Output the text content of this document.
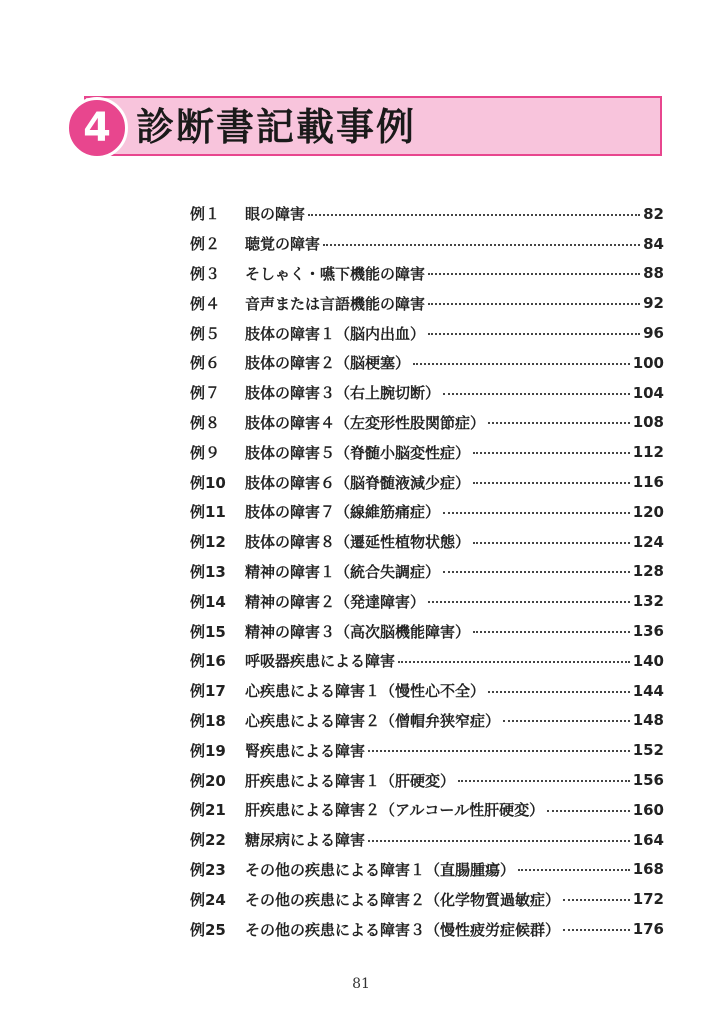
4 診断書記載事例
例１	眼の障害	82
例２	聴覚の障害	84
例３	そしゃく・嚥下機能の障害	88
例４	音声または言語機能の障害	92
例５	肢体の障害１（脳内出血）	96
例６	肢体の障害２（脳梗塞）	100
例７	肢体の障害３（右上腕切断）	104
例８	肢体の障害４（左変形性股関節症）	108
例９	肢体の障害５（脊髄小脳変性症）	112
例10	肢体の障害６（脳脊髄液減少症）	116
例11	肢体の障害７（線維筋痛症）	120
例12	肢体の障害８（遷延性植物状態）	124
例13	精神の障害１（統合失調症）	128
例14	精神の障害２（発達障害）	132
例15	精神の障害３（高次脳機能障害）	136
例16	呼吸器疾患による障害	140
例17	心疾患による障害１（慢性心不全）	144
例18	心疾患による障害２（僧帽弁狭窄症）	148
例19	腎疾患による障害	152
例20	肝疾患による障害１（肝硬変）	156
例21	肝疾患による障害２（アルコール性肝硬変）	160
例22	糖尿病による障害	164
例23	その他の疾患による障害１（直腸腫瘍）	168
例24	その他の疾患による障害２（化学物質過敏症）	172
例25	その他の疾患による障害３（慢性疲労症候群）	176
81
